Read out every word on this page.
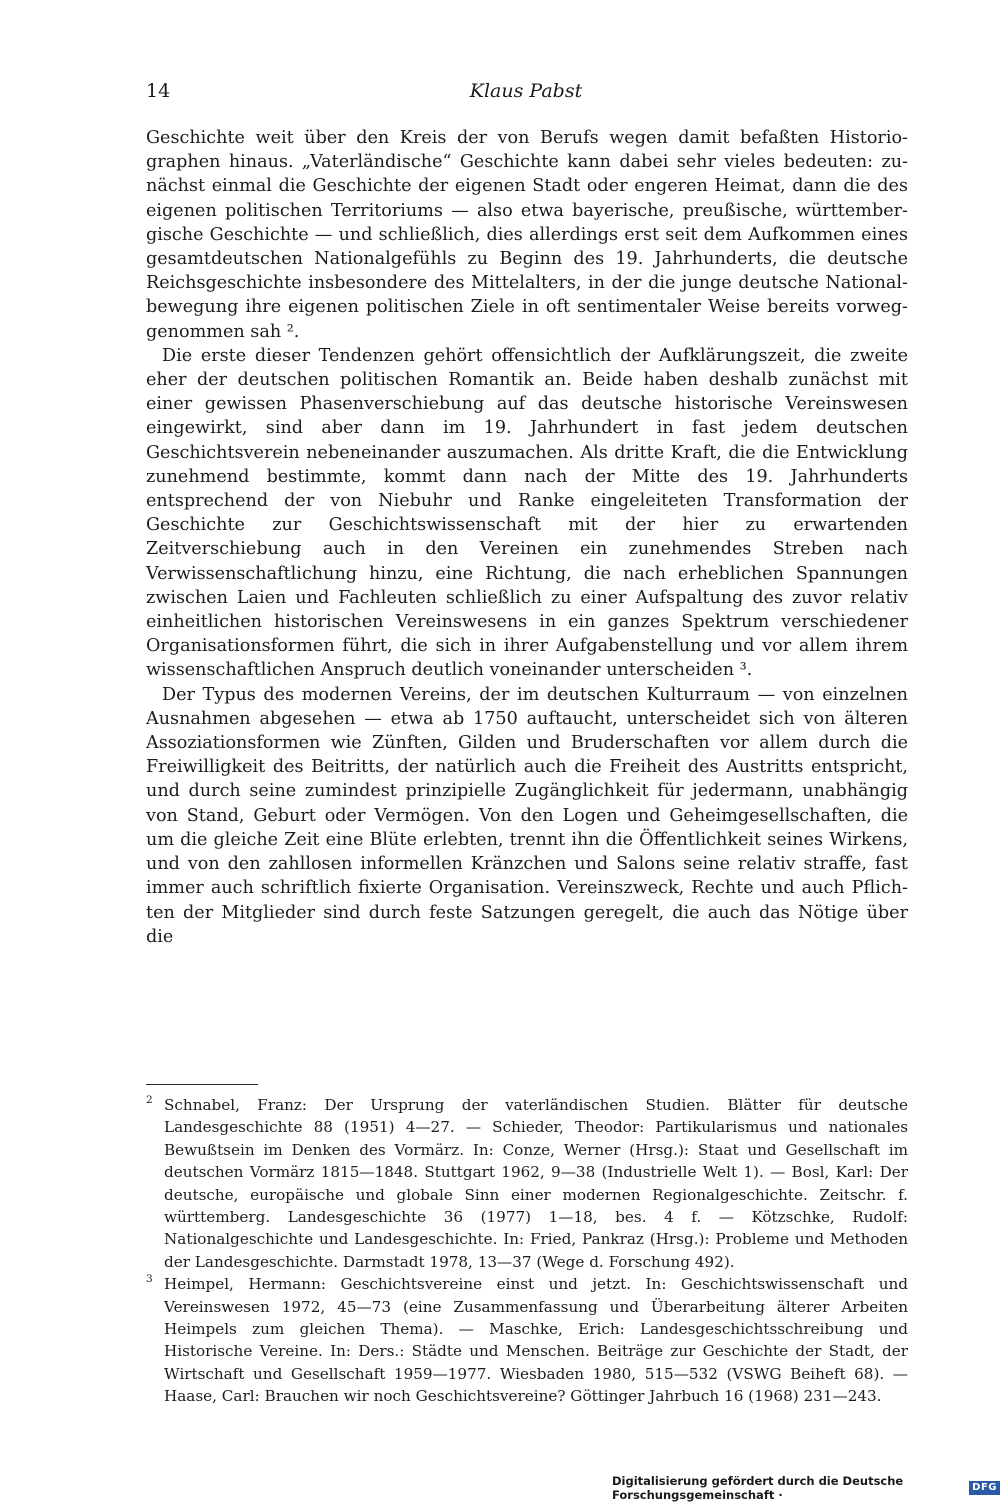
14	Klaus Pabst

Geschichte weit über den Kreis der von Berufs wegen damit befaßten Historiographen hinaus. „Vaterländische“ Geschichte kann dabei sehr vieles bedeuten: zunächst einmal die Geschichte der eigenen Stadt oder engeren Heimat, dann die des eigenen politischen Territoriums — also etwa bayerische, preußische, württembergische Geschichte — und schließlich, dies allerdings erst seit dem Aufkommen eines gesamtdeutschen Nationalgefühls zu Beginn des 19. Jahrhunderts, die deutsche Reichsgeschichte insbesondere des Mittelalters, in der die junge deutsche Nationalbewegung ihre eigenen politischen Ziele in oft sentimentaler Weise bereits vorweggenommen sah ².

Die erste dieser Tendenzen gehört offensichtlich der Aufklärungszeit, die zweite eher der deutschen politischen Romantik an. Beide haben deshalb zunächst mit einer gewissen Phasenverschiebung auf das deutsche historische Vereinswesen eingewirkt, sind aber dann im 19. Jahrhundert in fast jedem deutschen Geschichtsverein nebeneinander auszumachen. Als dritte Kraft, die die Entwicklung zunehmend bestimmte, kommt dann nach der Mitte des 19. Jahrhunderts entsprechend der von Niebuhr und Ranke eingeleiteten Transformation der Geschichte zur Geschichtswissenschaft mit der hier zu erwartenden Zeitverschiebung auch in den Vereinen ein zunehmendes Streben nach Verwissenschaftlichung hinzu, eine Richtung, die nach erheblichen Spannungen zwischen Laien und Fachleuten schließlich zu einer Aufspaltung des zuvor relativ einheitlichen historischen Vereinswesens in ein ganzes Spektrum verschiedener Organisationsformen führt, die sich in ihrer Aufgabenstellung und vor allem ihrem wissenschaftlichen Anspruch deutlich voneinander unterscheiden ³.

Der Typus des modernen Vereins, der im deutschen Kulturraum — von einzelnen Ausnahmen abgesehen — etwa ab 1750 auftaucht, unterscheidet sich von älteren Assoziationsformen wie Zünften, Gilden und Bruderschaften vor allem durch die Freiwilligkeit des Beitritts, der natürlich auch die Freiheit des Austritts entspricht, und durch seine zumindest prinzipielle Zugänglichkeit für jedermann, unabhängig von Stand, Geburt oder Vermögen. Von den Logen und Geheimgesellschaften, die um die gleiche Zeit eine Blüte erlebten, trennt ihn die Öffentlichkeit seines Wirkens, und von den zahllosen informellen Kränzchen und Salons seine relativ straffe, fast immer auch schriftlich fixierte Organisation. Vereinszweck, Rechte und auch Pflichten der Mitglieder sind durch feste Satzungen geregelt, die auch das Nötige über die

2 Schnabel, Franz: Der Ursprung der vaterländischen Studien. Blätter für deutsche Landesgeschichte 88 (1951) 4—27. — Schieder, Theodor: Partikularismus und nationales Bewußtsein im Denken des Vormärz. In: Conze, Werner (Hrsg.): Staat und Gesellschaft im deutschen Vormärz 1815—1848. Stuttgart 1962, 9—38 (Industrielle Welt 1). — Bosl, Karl: Der deutsche, europäische und globale Sinn einer modernen Regionalgeschichte. Zeitschr. f. württemberg. Landesgeschichte 36 (1977) 1—18, bes. 4 f. — Kötzschke, Rudolf: Nationalgeschichte und Landesgeschichte. In: Fried, Pankraz (Hrsg.): Probleme und Methoden der Landesgeschichte. Darmstadt 1978, 13—37 (Wege d. Forschung 492).

3 Heimpel, Hermann: Geschichtsvereine einst und jetzt. In: Geschichtswissenschaft und Vereinswesen 1972, 45—73 (eine Zusammenfassung und Überarbeitung älterer Arbeiten Heimpels zum gleichen Thema). — Maschke, Erich: Landesgeschichtsschreibung und Historische Vereine. In: Ders.: Städte und Menschen. Beiträge zur Geschichte der Stadt, der Wirtschaft und Gesellschaft 1959—1977. Wiesbaden 1980, 515—532 (VSWG Beiheft 68). — Haase, Carl: Brauchen wir noch Geschichtsvereine? Göttinger Jahrbuch 16 (1968) 231—243.

Digitalisierung gefördert durch die Deutsche Forschungsgemeinschaft ·
DFG
